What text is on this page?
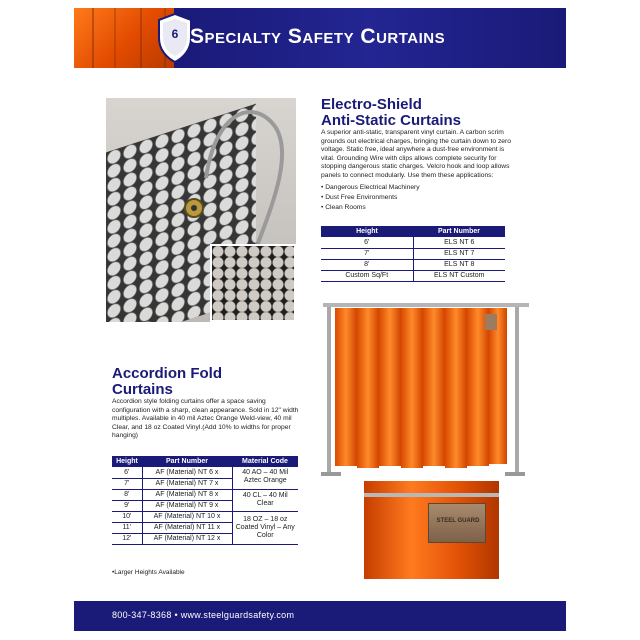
6 Specialty Safety Curtains
Electro-Shield
Anti-Static Curtains
A superior anti-static, transparent vinyl curtain. A carbon scrim grounds out electrical charges, bringing the curtain down to zero voltage. Static free, ideal anywhere a dust-free environment is vital. Grounding Wire with clips allows complete security for stopping dangerous static charges. Velcro hook and loop allows panels to connect modularly. Use them these applications:
• Dangerous Electrical Machinery
• Dust Free Environments
• Clean Rooms
Height	Part Number
6'	ELS NT 6
7'	ELS NT 7
8'	ELS NT 8
Custom Sq/Ft	ELS NT Custom
STEEL GUARD
Accordion Fold
Curtains
Accordion style folding curtains offer a space saving configuration with a sharp, clean appearance. Sold in 12" width multiples. Available in 40 mil Aztec Orange Weld-view, 40 mil Clear, and 18 oz Coated Vinyl.(Add 10% to widths for proper hanging)
Height	Part Number	Material Code
6'	AF (Material) NT 6 x	40 AO – 40 Mil Aztec Orange
7'	AF (Material) NT 7 x	
8'	AF (Material) NT 8 x	40 CL – 40 Mil Clear
9'	AF (Material) NT 9 x	
10'	AF (Material) NT 10 x	18 OZ – 18 oz Coated Vinyl – Any Color
11'	AF (Material) NT 11 x	
12'	AF (Material) NT 12 x	
•Larger Heights Available
800-347-8368 • www.steelguardsafety.com
